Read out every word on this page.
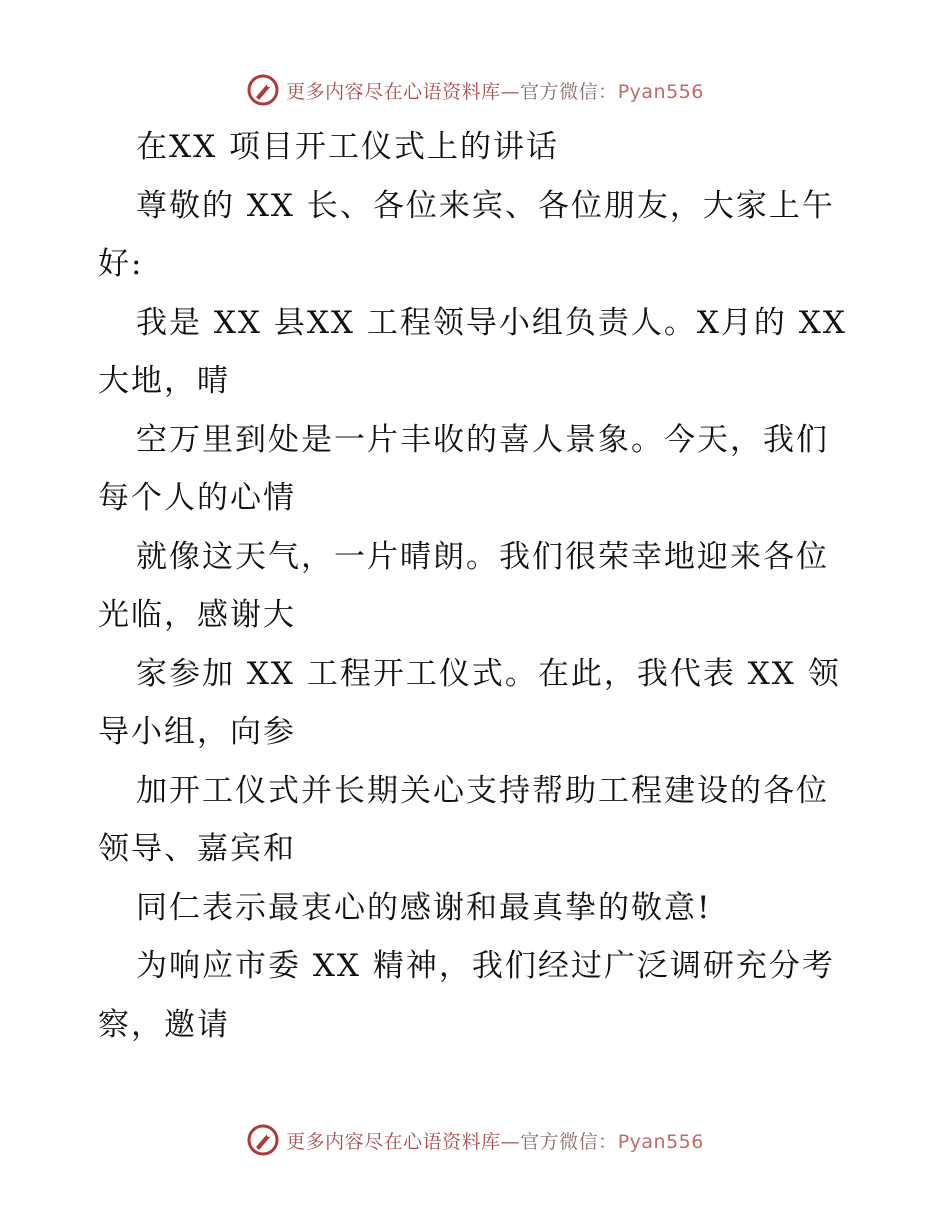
更多内容尽在心语资料库—官方微信：Pyan556
在XX 项目开工仪式上的讲话
尊敬的 XX 长、各位来宾、各位朋友，大家上午
好:
我是 XX 县XX 工程领导小组负责人。X月的 XX
大地，晴
空万里到处是一片丰收的喜人景象。今天，我们
每个人的心情
就像这天气，一片晴朗。我们很荣幸地迎来各位
光临，感谢大
家参加 XX 工程开工仪式。在此，我代表 XX 领
导小组，向参
加开工仪式并长期关心支持帮助工程建设的各位
领导、嘉宾和
同仁表示最衷心的感谢和最真挚的敬意!
为响应市委 XX 精神，我们经过广泛调研充分考
察，邀请
更多内容尽在心语资料库—官方微信：Pyan556
